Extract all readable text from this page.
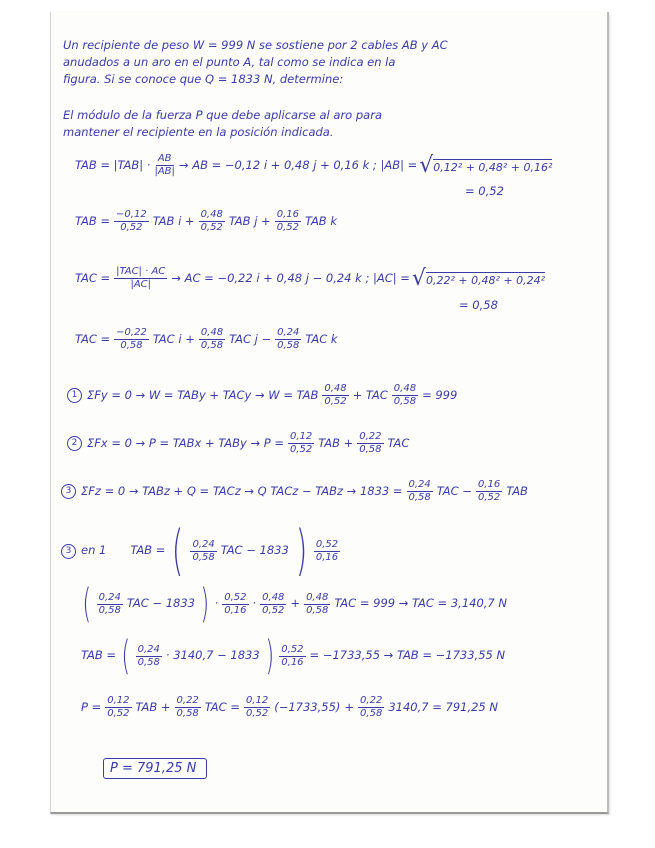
Un recipiente de peso W = 999 N se sostiene por 2 cables AB y AC
anudados a un aro en el punto A, tal como se indica en la
figura. Si se conoce que Q = 1833 N, determine:
El módulo de la fuerza P que debe aplicarse al aro para
mantener el recipiente en la posición indicada.
TAB = |TAB| · AB
|AB| → AB = −0,12 i + 0,48 j + 0,16 k ; |AB| = √ 0,12² + 0,48² + 0,16²
= 0,52
TAB = $\frac{-0,12}{0,52}$ TAB $i + \frac{0,48}{0,52}$ TAB $j + \frac{0,16}{0,52}$ TAB k
TAC = |TAC| · AC
|AC| → AC = −0,22 i + 0,48 j − 0,24 k ; |AC| = √ 0,22² + 0,48² + 0,24²
= 0,58
TAC = $\frac{-0,22}{0,58}$ TAC $i + \frac{0,48}{0,58}$ TAC $j - \frac{0,24}{0,58}$ TAC k
1 ΣFy = 0 → W = TABy + TACy → W = TAB 0,48
0,52 + TAC $\frac{0,48}{0,58} = 999$
2 ΣFx = 0 → P = TABx + TABy → $P = \frac{0,12}{0,52}$ TAB + $\frac{0,22}{0,58}$ TAC
3 ΣFz = 0 → TABz + Q = TACz → Q TACz − TABz → $1833 = \frac{0,24}{0,58}$ TAC − $\frac{0,16}{0,52}$ TAB
3 en 1 TAB = ( 0,24
0,58 TAC − 1833 ) 0,52
0,16
( 0,24
0,58 TAC − 1833 ) · 0,52
0,16 · 0,48
$0,52 + \frac{0,48}{0,58}$ TAC = 999 → TAC = 3,140,7 N
TAB = ( 0,24
0,58 · 3140,7 − 1833 ) $\frac{0,52}{0,16} = -1733,55$ → TAB = −1733,55 N
$P = \frac{0,12}{0,52}$ TAB + $\frac{0,22}{0,58}$ TAC = $\frac{0,12}{0,52} (-1733,55) + \frac{0,22}{0,58} 3140,7 = 791,25$ N
P = 791,25 N
